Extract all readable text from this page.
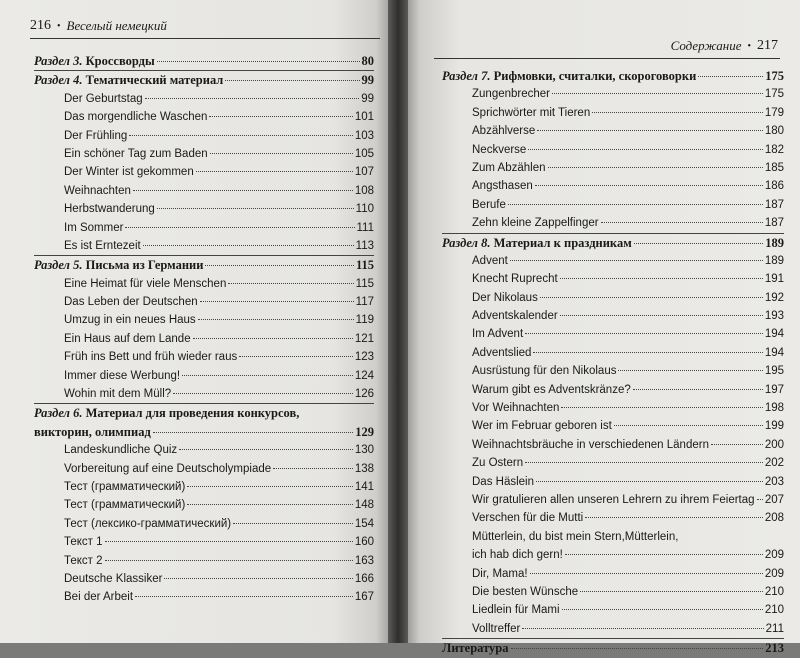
216 • Веселый немецкий
Раздел 3. Кроссворды	80
Раздел 4. Тематический материал	99
Der Geburtstag	99
Das morgendliche Waschen	101
Der Frühling	103
Ein schöner Tag zum Baden	105
Der Winter ist gekommen	107
Weihnachten	108
Herbstwanderung	110
Im Sommer	111
Es ist Erntezeit	113
Раздел 5. Письма из Германии	115
Eine Heimat für viele Menschen	115
Das Leben der Deutschen	117
Umzug in ein neues Haus	119
Ein Haus auf dem Lande	121
Früh ins Bett und früh wieder raus	123
Immer diese Werbung!	124
Wohin mit dem Müll?	126
Раздел 6. Материал для проведения конкурсов,
викторин, олимпиад	129
Landeskundliche Quiz	130
Vorbereitung auf eine Deutscholympiade	138
Тест (грамматический)	141
Тест (грамматический)	148
Тест (лексико-грамматический)	154
Текст 1	160
Текст 2	163
Deutsche Klassiker	166
Bei der Arbeit	167
Содержание • 217
Раздел 7. Рифмовки, считалки, скороговорки	175
Zungenbrecher	175
Sprichwörter mit Tieren	179
Abzählverse	180
Neckverse	182
Zum Abzählen	185
Angsthasen	186
Berufe	187
Zehn kleine Zappelfinger	187
Раздел 8. Материал к праздникам	189
Advent	189
Knecht Ruprecht	191
Der Nikolaus	192
Adventskalender	193
Im Advent	194
Adventslied	194
Ausrüstung für den Nikolaus	195
Warum gibt es Adventskränze?	197
Vor Weihnachten	198
Wer im Februar geboren ist	199
Weihnachtsbräuche in verschiedenen Ländern	200
Zu Ostern	202
Das Häslein	203
Wir gratulieren allen unseren Lehrern zu ihrem Feiertag 207
Verschen für die Mutti	208
Mütterlein, du bist mein Stern,Mütterlein,
ich hab dich gern!	209
Dir, Mama!	209
Die besten Wünsche	210
Liedlein für Mami	210
Volltreffer	211
Литература	213
